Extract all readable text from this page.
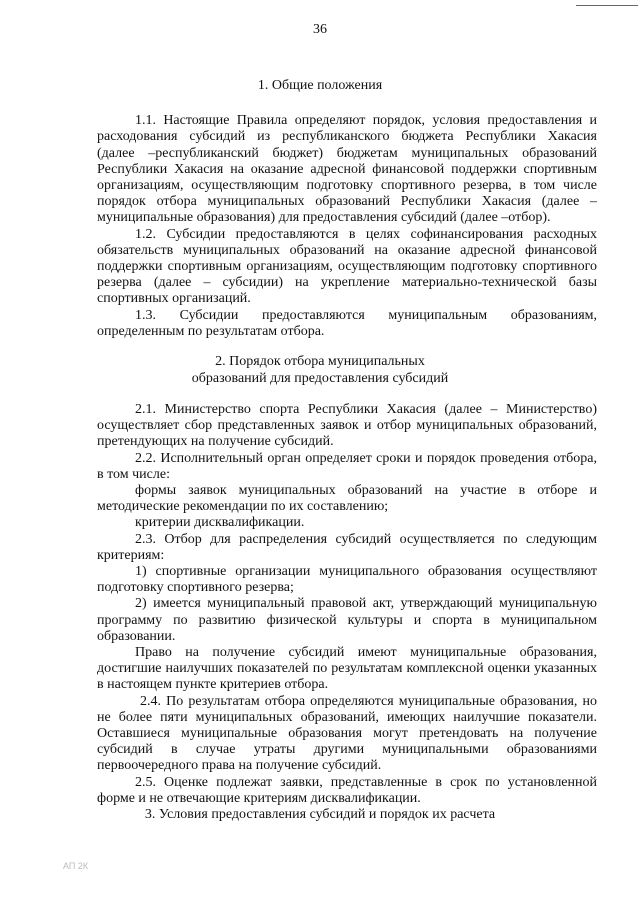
36
1. Общие положения
1.1. Настоящие Правила определяют порядок, условия предоставления и
расходования субсидий из республиканского бюджета Республики Хакасия
(далее –республиканский бюджет) бюджетам муниципальных образований
Республики Хакасия на оказание адресной финансовой поддержки спортивным
организациям, осуществляющим подготовку спортивного резерва, в том числе
порядок отбора муниципальных образований Республики Хакасия (далее –
муниципальные образования) для предоставления субсидий (далее –отбор).
1.2. Субсидии предоставляются в целях софинансирования расходных
обязательств муниципальных образований на оказание адресной финансовой
поддержки спортивным организациям, осуществляющим подготовку спортивного
резерва (далее – субсидии) на укрепление материально-технической базы
спортивных организаций.
1.3. Субсидии предоставляются муниципальным образованиям,
определенным по результатам отбора.
2. Порядок отбора муниципальных
образований для предоставления субсидий
2.1. Министерство спорта Республики Хакасия (далее – Министерство)
осуществляет сбор представленных заявок и отбор муниципальных образований,
претендующих на получение субсидий.
2.2. Исполнительный орган определяет сроки и порядок проведения отбора,
в том числе:
формы заявок муниципальных образований на участие в отборе и
методические рекомендации по их составлению;
критерии дисквалификации.
2.3. Отбор для распределения субсидий осуществляется по следующим
критериям:
1) спортивные организации муниципального образования осуществляют
подготовку спортивного резерва;
2) имеется муниципальный правовой акт, утверждающий муниципальную
программу по развитию физической культуры и спорта в муниципальном
образовании.
Право на получение субсидий имеют муниципальные образования,
достигшие наилучших показателей по результатам комплексной оценки указанных
в настоящем пункте критериев отбора.
2.4. По результатам отбора определяются муниципальные образования, но
не более пяти муниципальных образований, имеющих наилучшие показатели.
Оставшиеся муниципальные образования могут претендовать на получение
субсидий в случае утраты другими муниципальными образованиями
первоочередного права на получение субсидий.
2.5. Оценке подлежат заявки, представленные в срок по установленной
форме и не отвечающие критериям дисквалификации.
3. Условия предоставления субсидий и порядок их расчета
АП 2К
